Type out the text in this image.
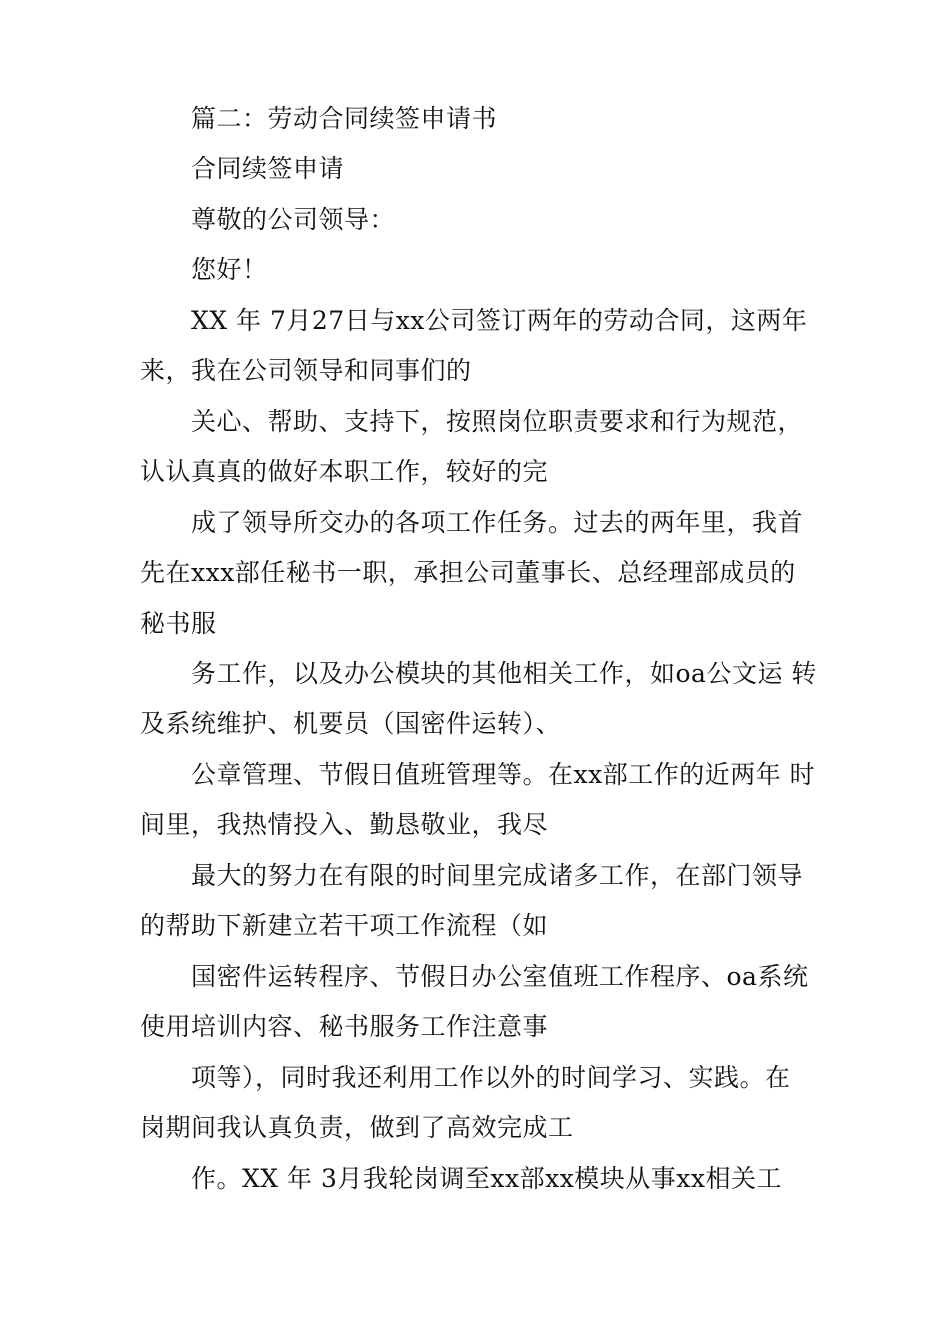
篇二：劳动合同续签申请书
合同续签申请
尊敬的公司领导：
您好！
XX 年 7月27日与xx公司签订两年的劳动合同，这两年
来，我在公司领导和同事们的
关心、帮助、支持下，按照岗位职责要求和行为规范，
认认真真的做好本职工作，较好的完
成了领导所交办的各项工作任务。过去的两年里，我首
先在xxx部任秘书一职，承担公司董事长、总经理部成员的
秘书服
务工作，以及办公模块的其他相关工作，如oa公文运 转
及系统维护、机要员（国密件运转）、
公章管理、节假日值班管理等。在xx部工作的近两年 时
间里，我热情投入、勤恳敬业，我尽
最大的努力在有限的时间里完成诸多工作，在部门领导
的帮助下新建立若干项工作流程（如
国密件运转程序、节假日办公室值班工作程序、oa系统
使用培训内容、秘书服务工作注意事
项等），同时我还利用工作以外的时间学习、实践。在
岗期间我认真负责，做到了高效完成工
作。XX 年 3月我轮岗调至xx部xx模块从事xx相关工
